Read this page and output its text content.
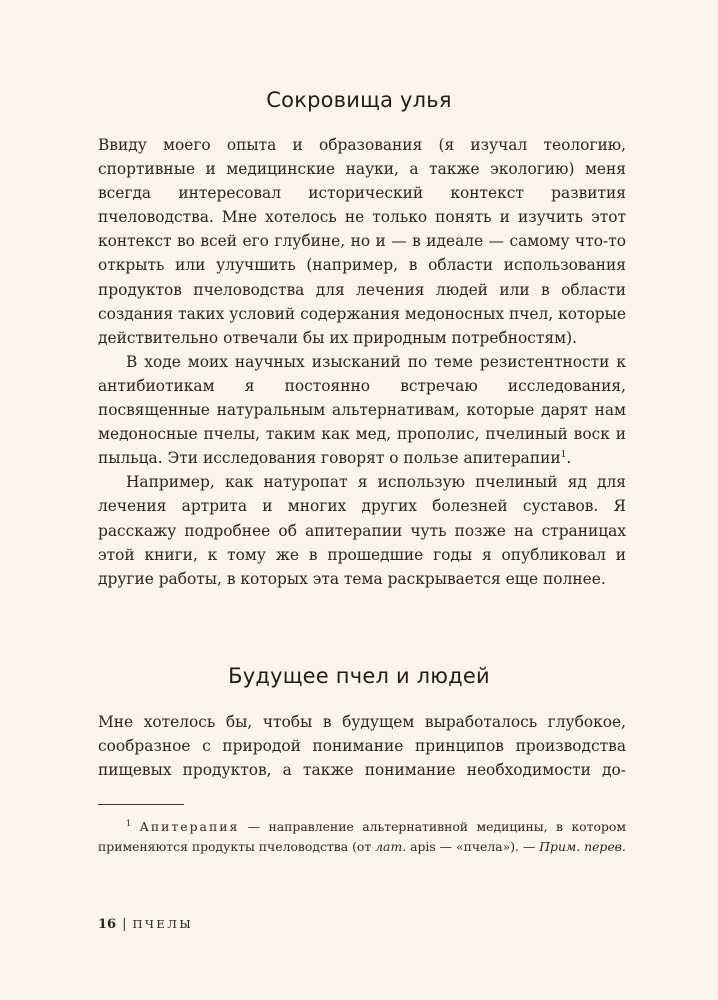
Сокровища улья

Ввиду моего опыта и образования (я изучал теологию, спортивные и медицинские науки, а также экологию) меня всегда интересовал исторический контекст развития пчеловодства. Мне хотелось не только понять и изучить этот контекст во всей его глубине, но и — в идеале — самому что-то открыть или улучшить (например, в области использования продуктов пчеловодства для лечения людей или в области создания таких условий содержания медоносных пчел, которые действительно отвечали бы их природным потребностям).

В ходе моих научных изысканий по теме резистентности к антибиотикам я постоянно встречаю исследования, посвященные натуральным альтернативам, которые дарят нам медоносные пчелы, таким как мед, прополис, пчелиный воск и пыльца. Эти исследования говорят о пользе апитерапии$^1$.

Например, как натуропат я использую пчелиный яд для лечения артрита и многих других болезней суставов. Я расскажу подробнее об апитерапии чуть позже на страницах этой книги, к тому же в прошедшие годы я опубликовал и другие работы, в которых эта тема раскрывается еще полнее.

Будущее пчел и людей

Мне хотелось бы, чтобы в будущем выработалось глубокое, сообразное с природой понимание принципов производства пищевых продуктов, а также понимание необходимости до-

$^1$ Апитерапия — направление альтернативной медицины, в котором применяются продукты пчеловодства (от лат. apis — «пчела»). — Прим. перев.
16 | ПЧЕЛЫ
